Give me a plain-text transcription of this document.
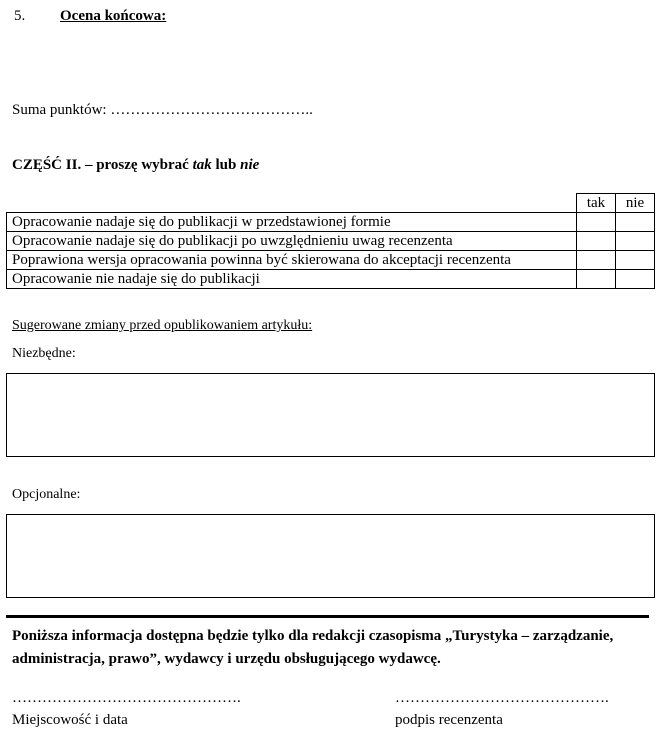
5. Ocena końcowa:
Suma punktów: …………………………………..
CZĘŚĆ II. – proszę wybrać tak lub nie
	tak	nie
Opracowanie nadaje się do publikacji w przedstawionej formie		
Opracowanie nadaje się do publikacji po uwzględnieniu uwag recenzenta		
Poprawiona wersja opracowania powinna być skierowana do akceptacji recenzenta		
Opracowanie nie nadaje się do publikacji		
Sugerowane zmiany przed opublikowaniem artykułu:
Niezbędne:
Opcjonalne:
Poniższa informacja dostępna będzie tylko dla redakcji czasopisma „Turystyka – zarządzanie, administracja, prawo”, wydawcy i urzędu obsługującego wydawcę.
……………………………………….	…………………………………….
Miejscowość i data	podpis recenzenta
